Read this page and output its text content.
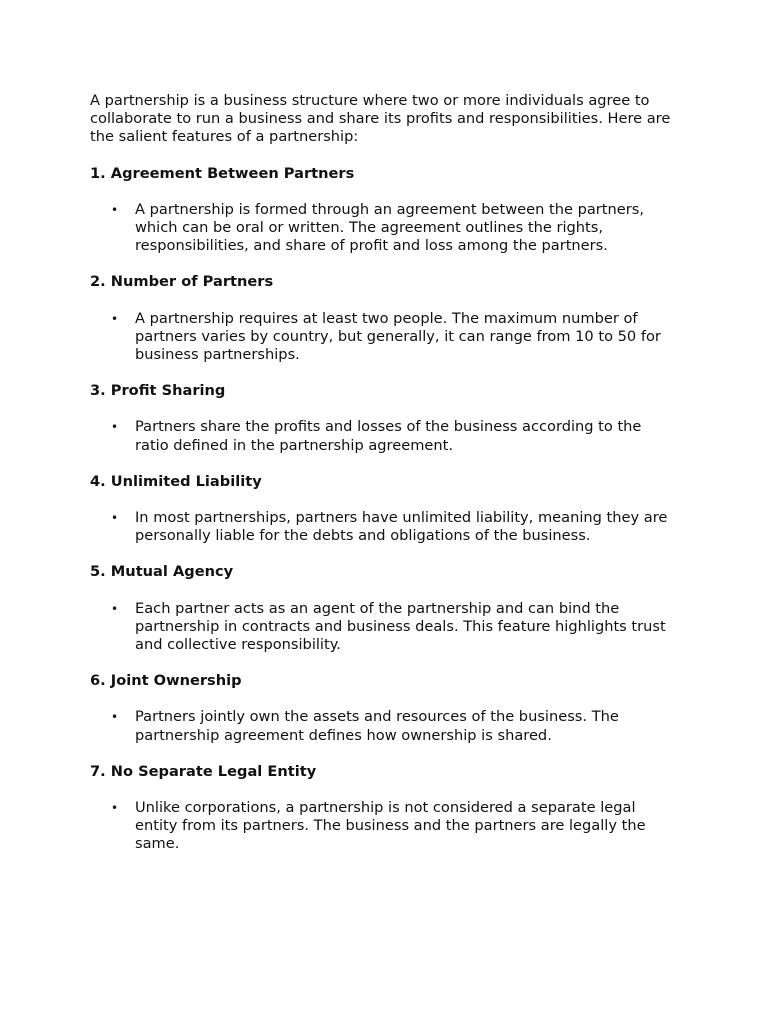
A partnership is a business structure where two or more individuals agree to collaborate to run a business and share its profits and responsibilities. Here are the salient features of a partnership:

1. Agreement Between Partners
• A partnership is formed through an agreement between the partners, which can be oral or written. The agreement outlines the rights, responsibilities, and share of profit and loss among the partners.
2. Number of Partners
• A partnership requires at least two people. The maximum number of partners varies by country, but generally, it can range from 10 to 50 for business partnerships.
3. Profit Sharing
• Partners share the profits and losses of the business according to the ratio defined in the partnership agreement.
4. Unlimited Liability
• In most partnerships, partners have unlimited liability, meaning they are personally liable for the debts and obligations of the business.
5. Mutual Agency
• Each partner acts as an agent of the partnership and can bind the partnership in contracts and business deals. This feature highlights trust and collective responsibility.
6. Joint Ownership
• Partners jointly own the assets and resources of the business. The partnership agreement defines how ownership is shared.
7. No Separate Legal Entity
• Unlike corporations, a partnership is not considered a separate legal entity from its partners. The business and the partners are legally the same.
